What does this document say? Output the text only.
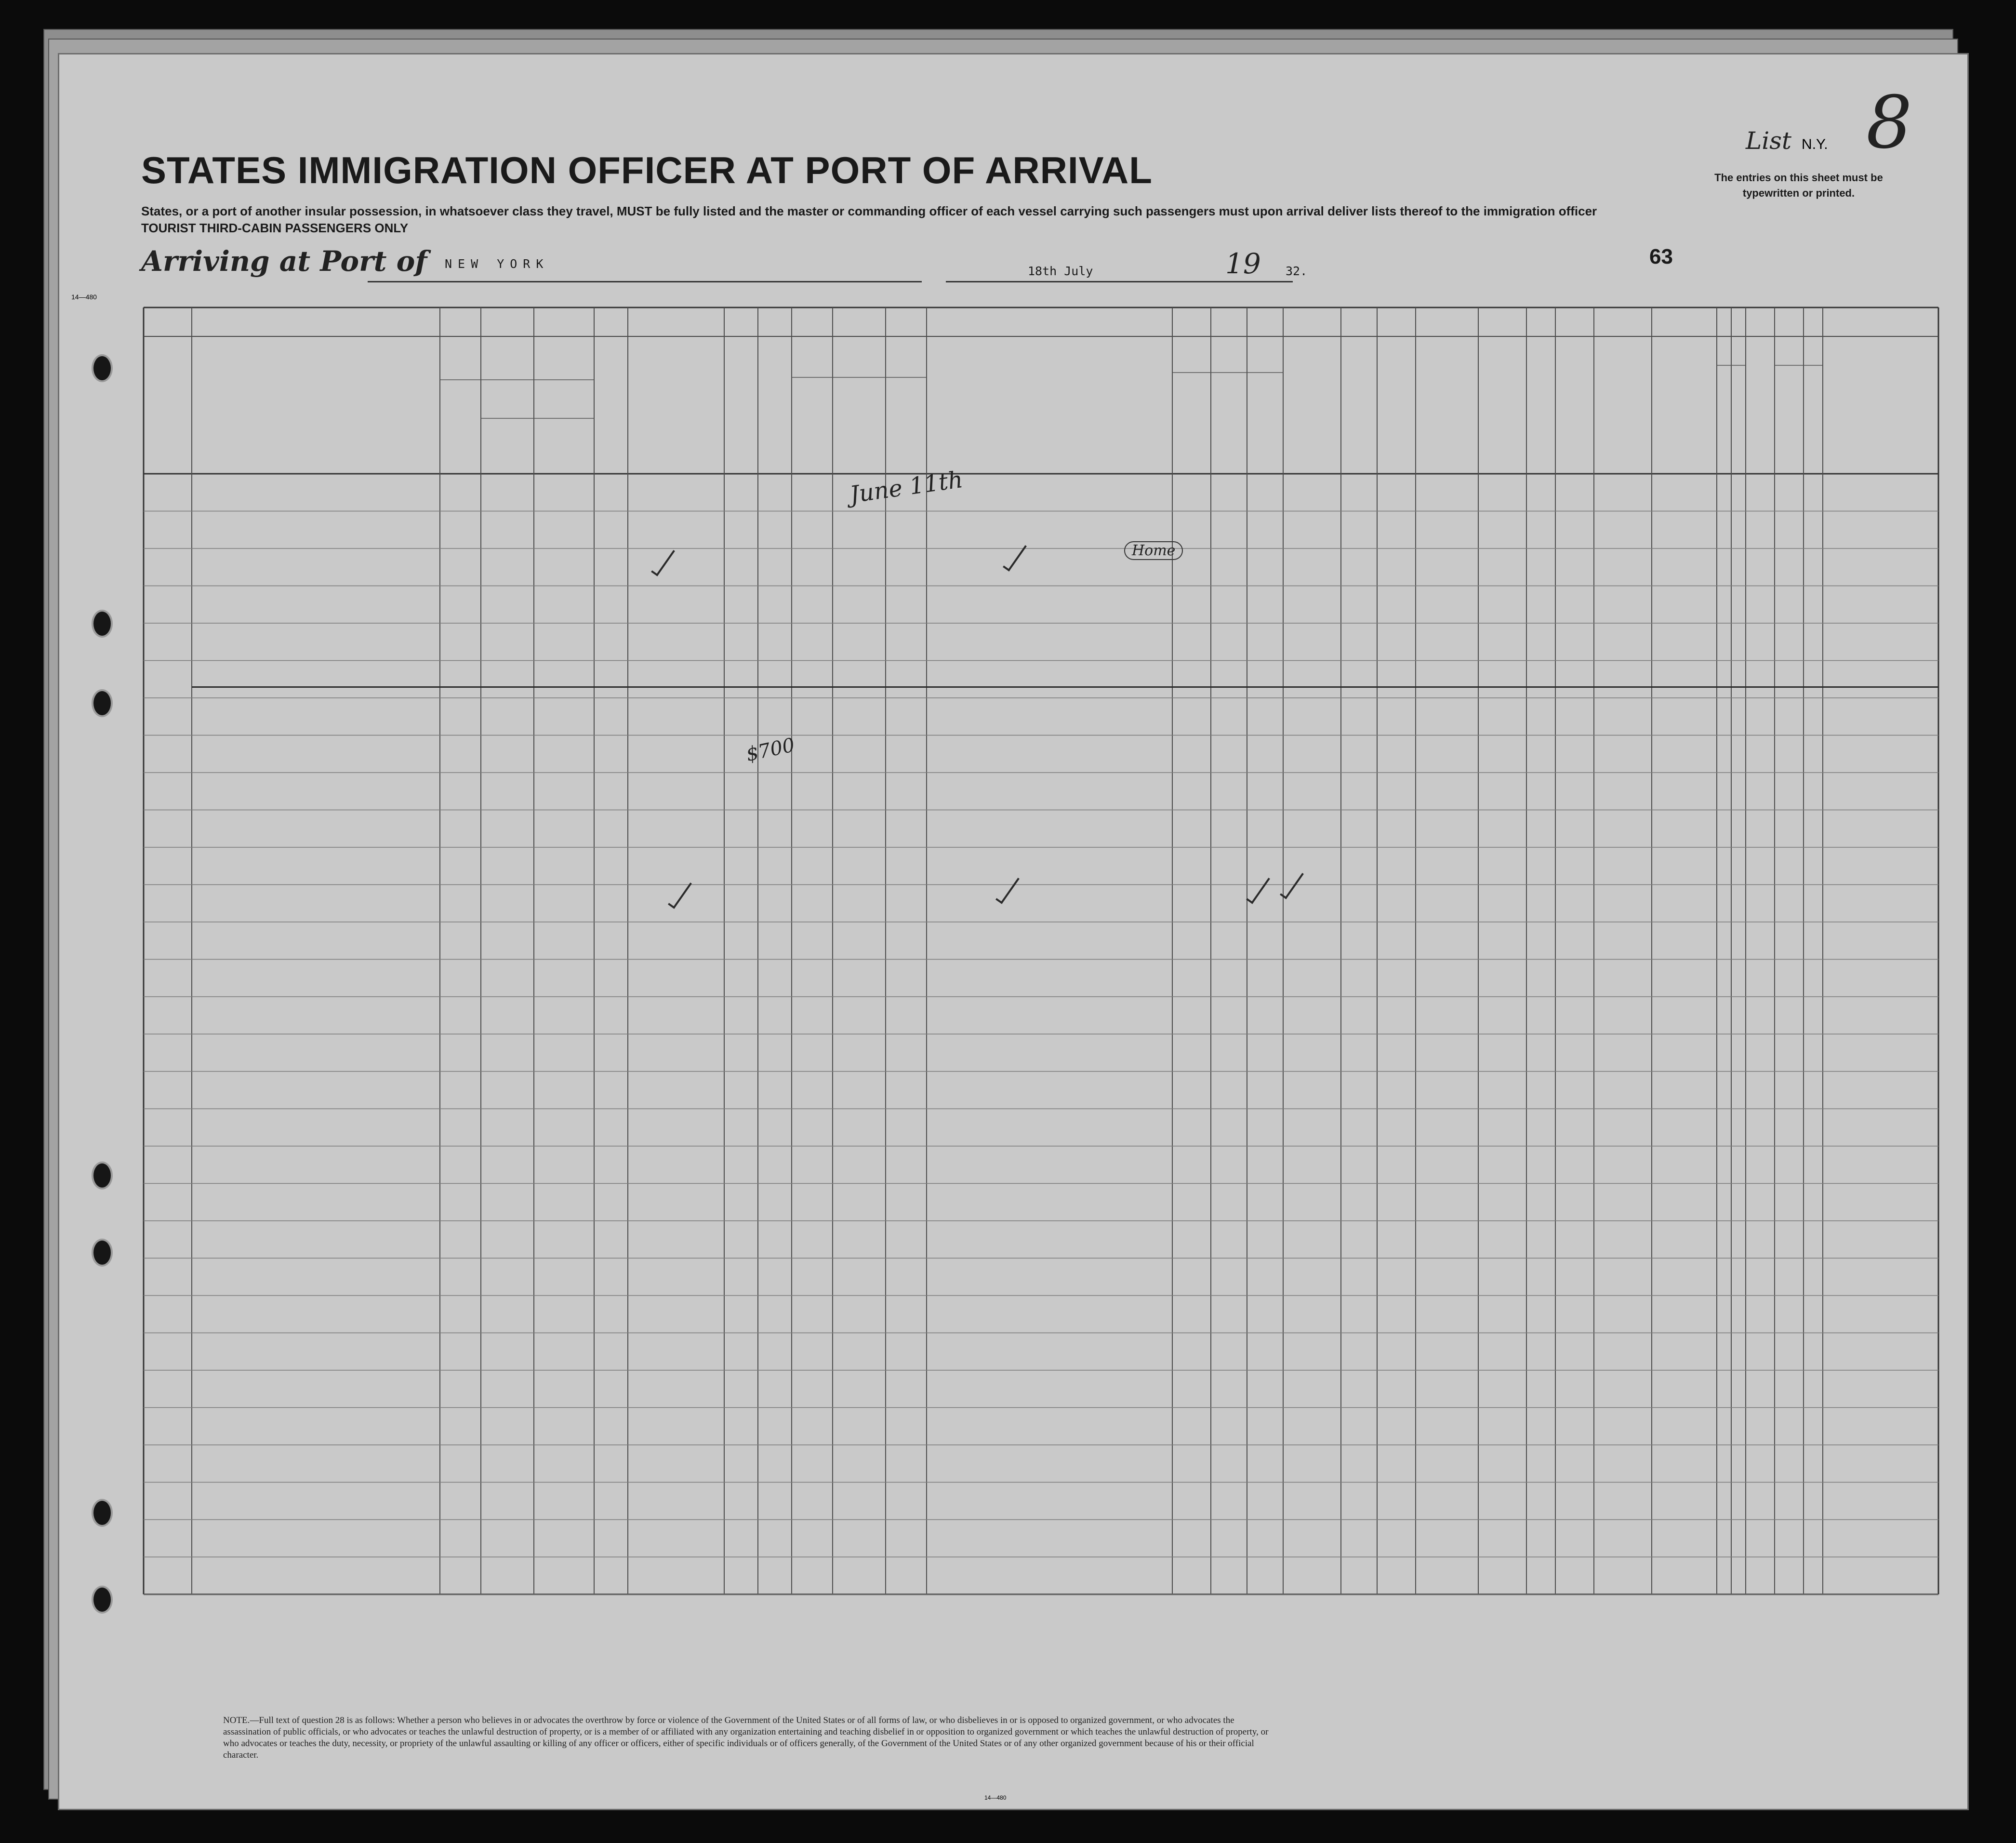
STATES IMMIGRATION OFFICER AT PORT OF ARRIVAL
States, or a port of another insular possession, in whatsoever class they travel, MUST be fully listed and the master or commanding officer of each vessel carrying such passengers must upon arrival deliver lists thereof to the immigration officer
TOURIST THIRD-CABIN PASSENGERS ONLY
List N.Y. 8
The entries on this sheet must be typewritten or printed.
Arriving at Port of NEW YORK
18th July	19 32.
63
14—480
June 11th
$700
Home
NOTE.—Full text of question 28 is as follows: Whether a person who believes in or advocates the overthrow by force or violence of the Government of the United States or of all forms of law, or who disbelieves in or is opposed to organized government, or who advocates the assassination of public officials, or who advocates or teaches the unlawful destruction of property, or is a member of or affiliated with any organization entertaining and teaching disbelief in or opposition to organized government or which teaches the unlawful destruction of property, or who advocates or teaches the duty, necessity, or propriety of the unlawful assaulting or killing of any officer or officers, either of specific individuals or of officers generally, of the Government of the United States or of any other organized government because of his or their official character.
14—480
